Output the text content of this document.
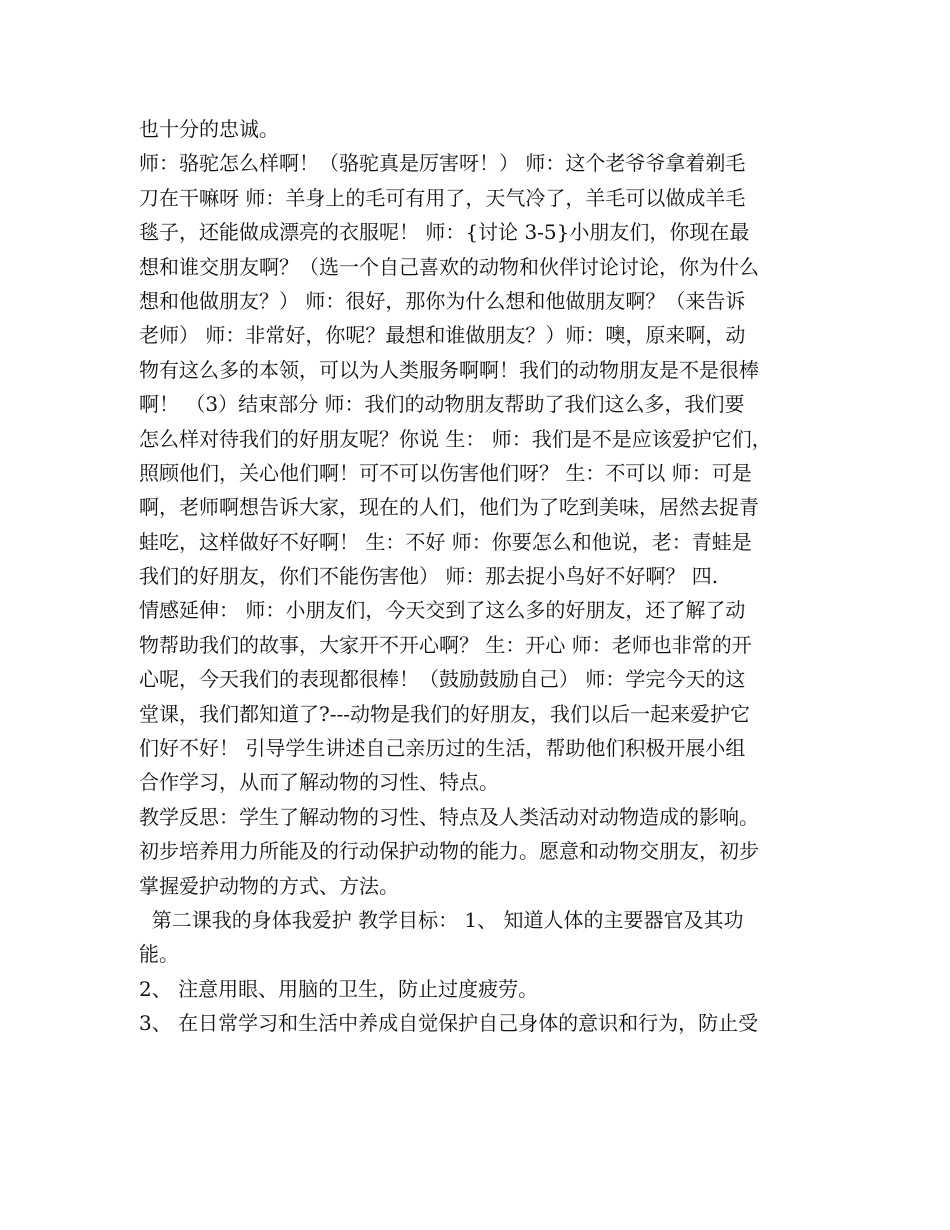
也十分的忠诚。
师：骆驼怎么样啊！（骆驼真是厉害呀！） 师：这个老爷爷拿着剃毛
刀在干嘛呀 师：羊身上的毛可有用了，天气冷了，羊毛可以做成羊毛
毯子，还能做成漂亮的衣服呢！ 师：{讨论 3-5}小朋友们，你现在最
想和谁交朋友啊？（选一个自己喜欢的动物和伙伴讨论讨论，你为什么
想和他做朋友？） 师：很好，那你为什么想和他做朋友啊？（来告诉
老师） 师：非常好，你呢？最想和谁做朋友？）师：噢，原来啊，动
物有这么多的本领，可以为人类服务啊啊！我们的动物朋友是不是很棒
啊！ （3）结束部分 师：我们的动物朋友帮助了我们这么多，我们要
怎么样对待我们的好朋友呢？你说 生： 师：我们是不是应该爱护它们，
照顾他们，关心他们啊！可不可以伤害他们呀？ 生：不可以 师：可是
啊，老师啊想告诉大家，现在的人们，他们为了吃到美味，居然去捉青
蛙吃，这样做好不好啊！ 生：不好 师：你要怎么和他说，老：青蛙是
我们的好朋友，你们不能伤害他） 师：那去捉小鸟好不好啊？ 四.
情感延伸： 师：小朋友们，今天交到了这么多的好朋友，还了解了动
物帮助我们的故事，大家开不开心啊？ 生：开心 师：老师也非常的开
心呢，今天我们的表现都很棒！（鼓励鼓励自己） 师：学完今天的这
堂课，我们都知道了?---动物是我们的好朋友，我们以后一起来爱护它
们好不好！ 引导学生讲述自己亲历过的生活，帮助他们积极开展小组
合作学习，从而了解动物的习性、特点。
教学反思：学生了解动物的习性、特点及人类活动对动物造成的影响。
初步培养用力所能及的行动保护动物的能力。愿意和动物交朋友，初步
掌握爱护动物的方式、方法。
第二课我的身体我爱护 教学目标： 1、 知道人体的主要器官及其功
能。
2、 注意用眼、用脑的卫生，防止过度疲劳。
3、 在日常学习和生活中养成自觉保护自己身体的意识和行为，防止受
